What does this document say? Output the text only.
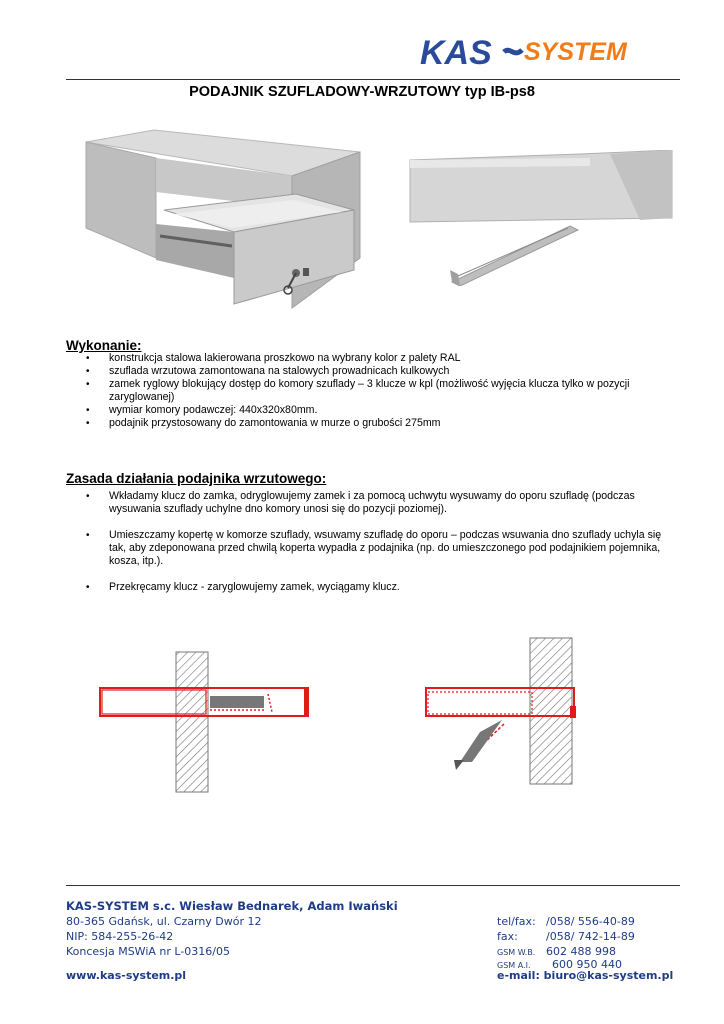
KAS SYSTEM
PODAJNIK SZUFLADOWY-WRZUTOWY typ IB-ps8
Wykonanie:
• konstrukcja stalowa lakierowana proszkowo na wybrany kolor z palety RAL
• szuflada wrzutowa zamontowana na stalowych prowadnicach kulkowych
• zamek ryglowy blokujący dostęp do komory szuflady – 3 klucze w kpl (możliwość wyjęcia klucza tylko w pozycji zaryglowanej)
• wymiar komory podawczej: 440x320x80mm.
• podajnik przystosowany do zamontowania w murze o grubości 275mm
Zasada działania podajnika wrzutowego:
• Wkładamy klucz do zamka, odryglowujemy zamek i za pomocą uchwytu wysuwamy do oporu szufladę (podczas wysuwania szuflady uchylne dno komory unosi się do pozycji poziomej).
• Umieszczamy kopertę w komorze szuflady, wsuwamy szufladę do oporu – podczas wsuwania dno szuflady uchyla się tak, aby zdeponowana przed chwilą koperta wypadła z podajnika (np. do umieszczonego pod podajnikiem pojemnika, kosza, itp.).
• Przekręcamy klucz - zaryglowujemy zamek, wyciągamy klucz.
KAS-SYSTEM s.c. Wiesław Bednarek, Adam Iwański
80-365 Gdańsk, ul. Czarny Dwór 12
NIP: 584-255-26-42
Koncesja MSWiA nr L-0316/05
www.kas-system.pl
tel/fax: /058/ 556-40-89
fax:	/058/ 742-14-89
GSM W.B. 602 488 998
GSM A.I. 600 950 440
e-mail: biuro@kas-system.pl
